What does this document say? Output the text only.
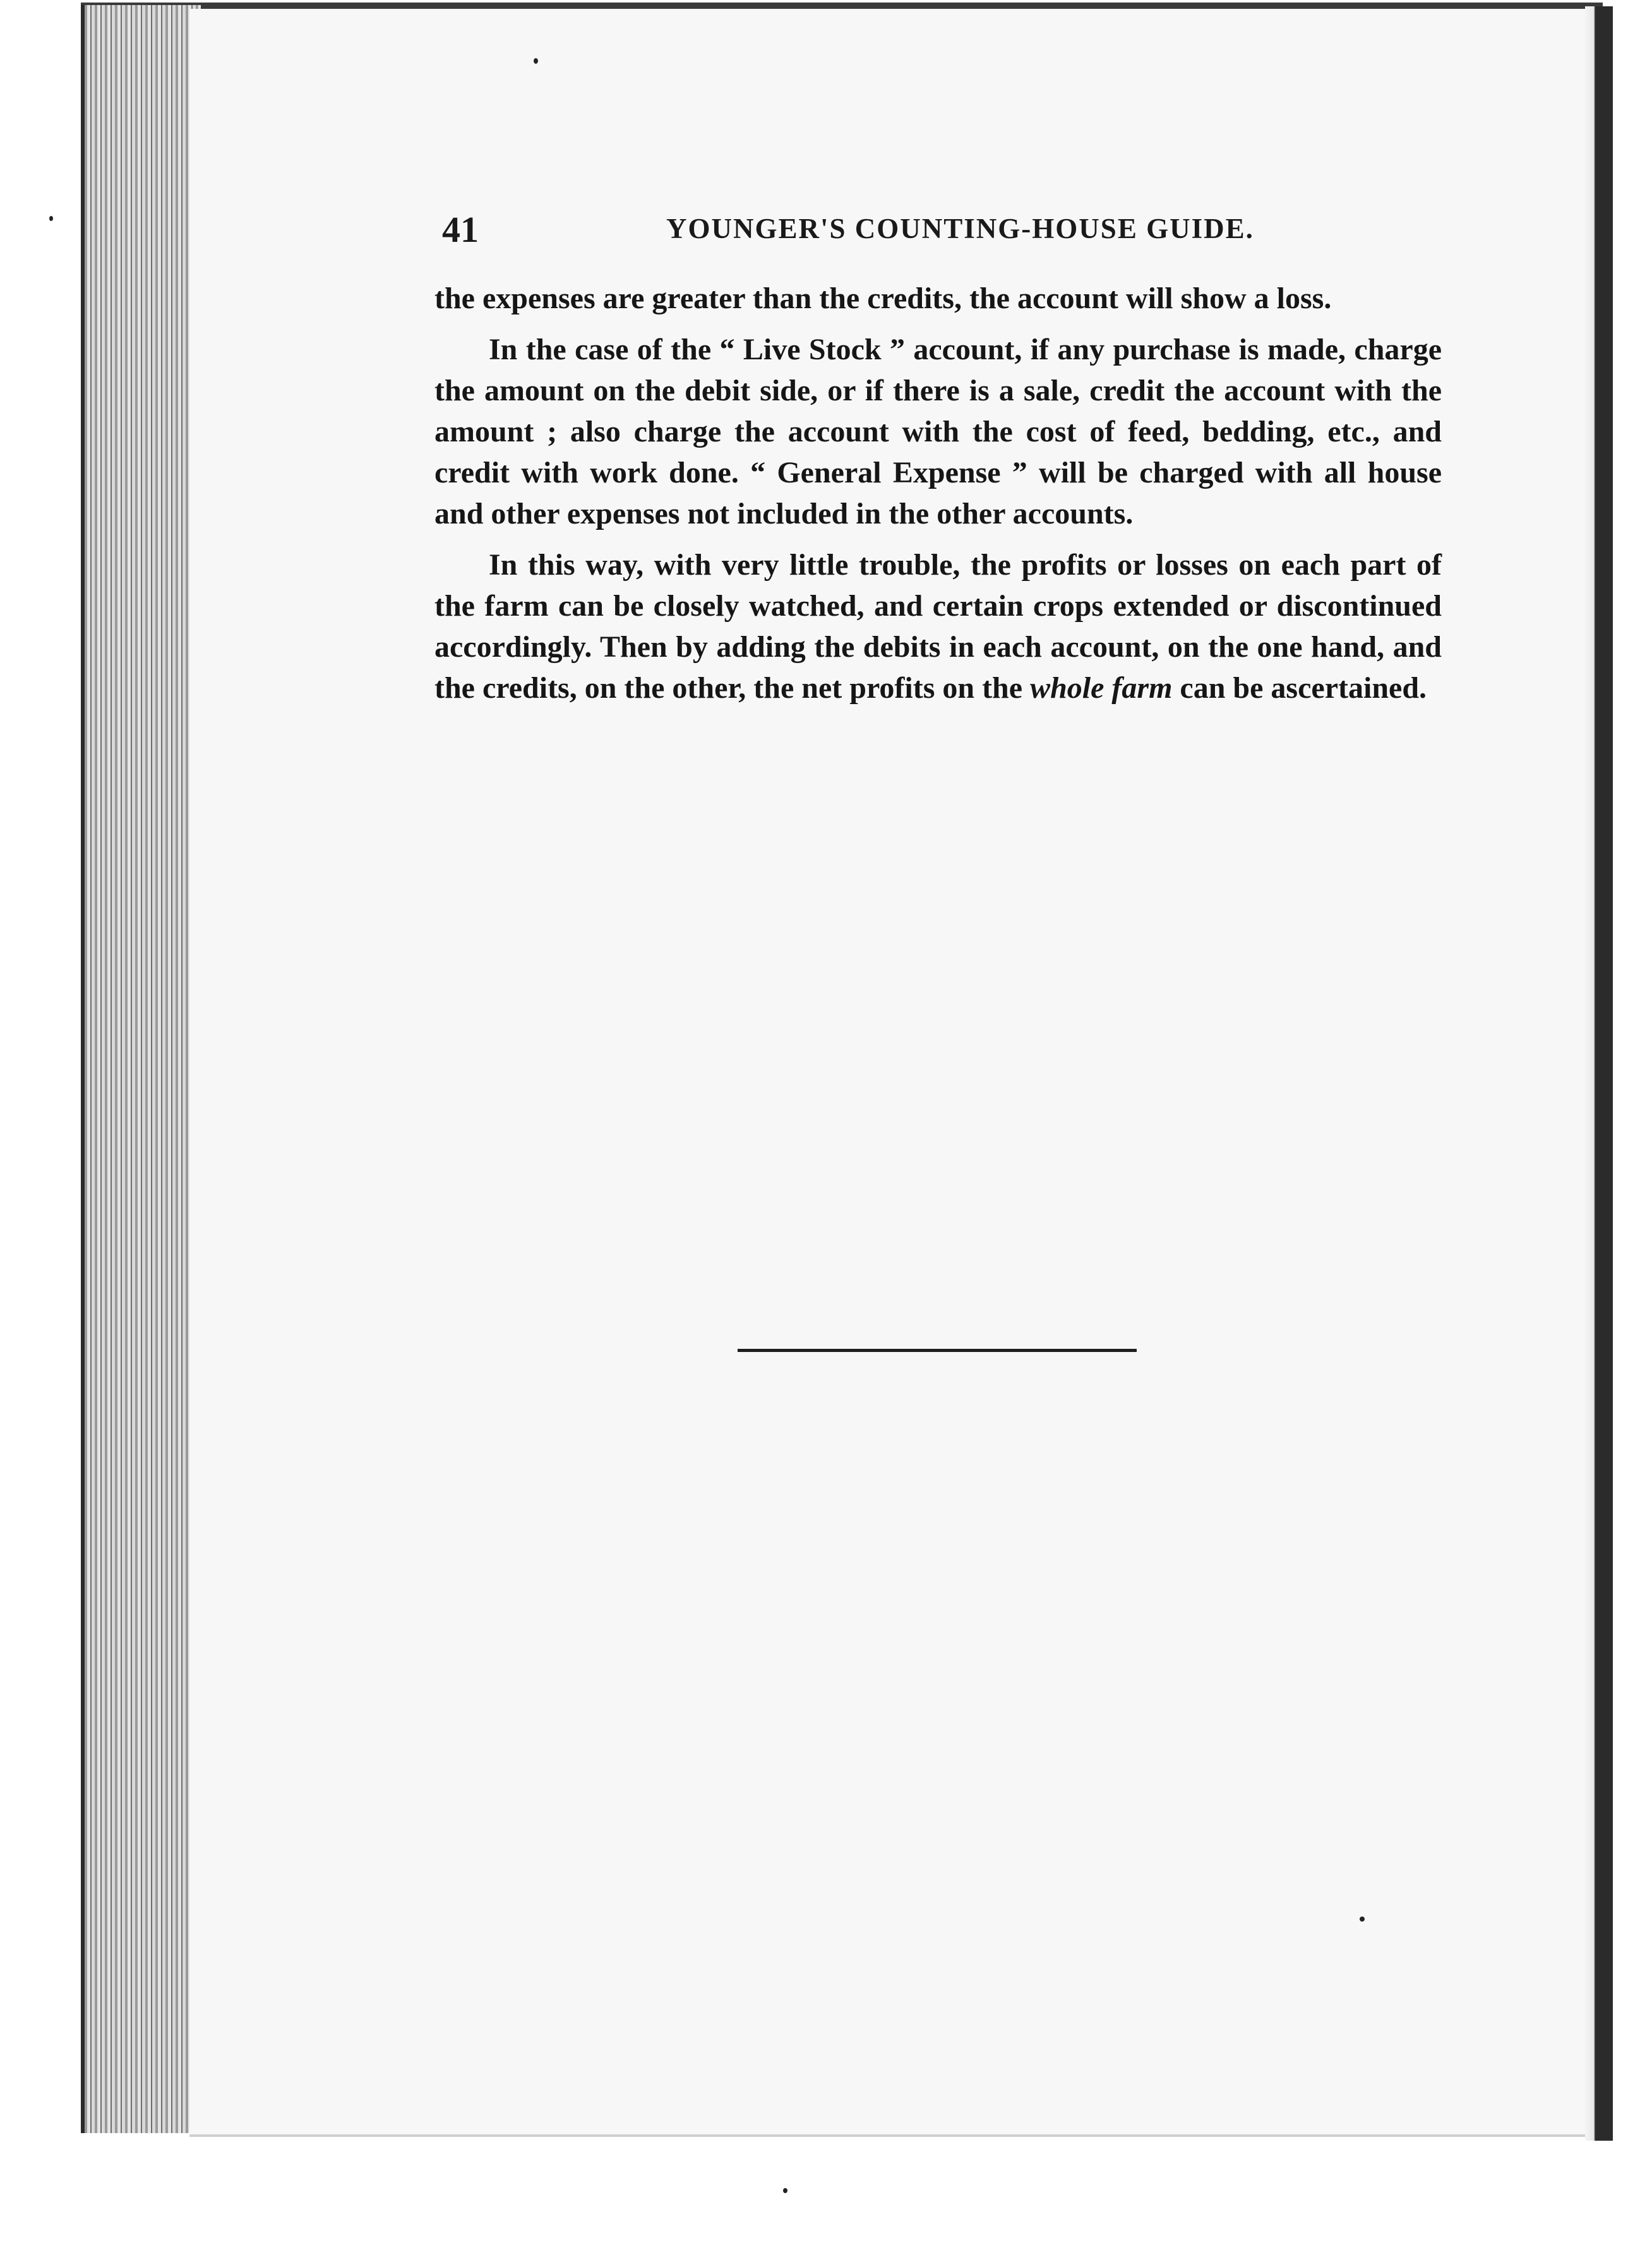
41	YOUNGER'S COUNTING-HOUSE GUIDE.

the expenses are greater than the credits, the account will show a loss.

In the case of the “ Live Stock ” account, if any purchase is made, charge the amount on the debit side, or if there is a sale, credit the account with the amount ; also charge the account with the cost of feed, bedding, etc., and credit with work done. “ General Expense ” will be charged with all house and other expenses not included in the other accounts.

In this way, with very little trouble, the profits or losses on each part of the farm can be closely watched, and certain crops extended or discontinued accordingly. Then by adding the debits in each account, on the one hand, and the credits, on the other, the net profits on the whole farm can be ascertained.
